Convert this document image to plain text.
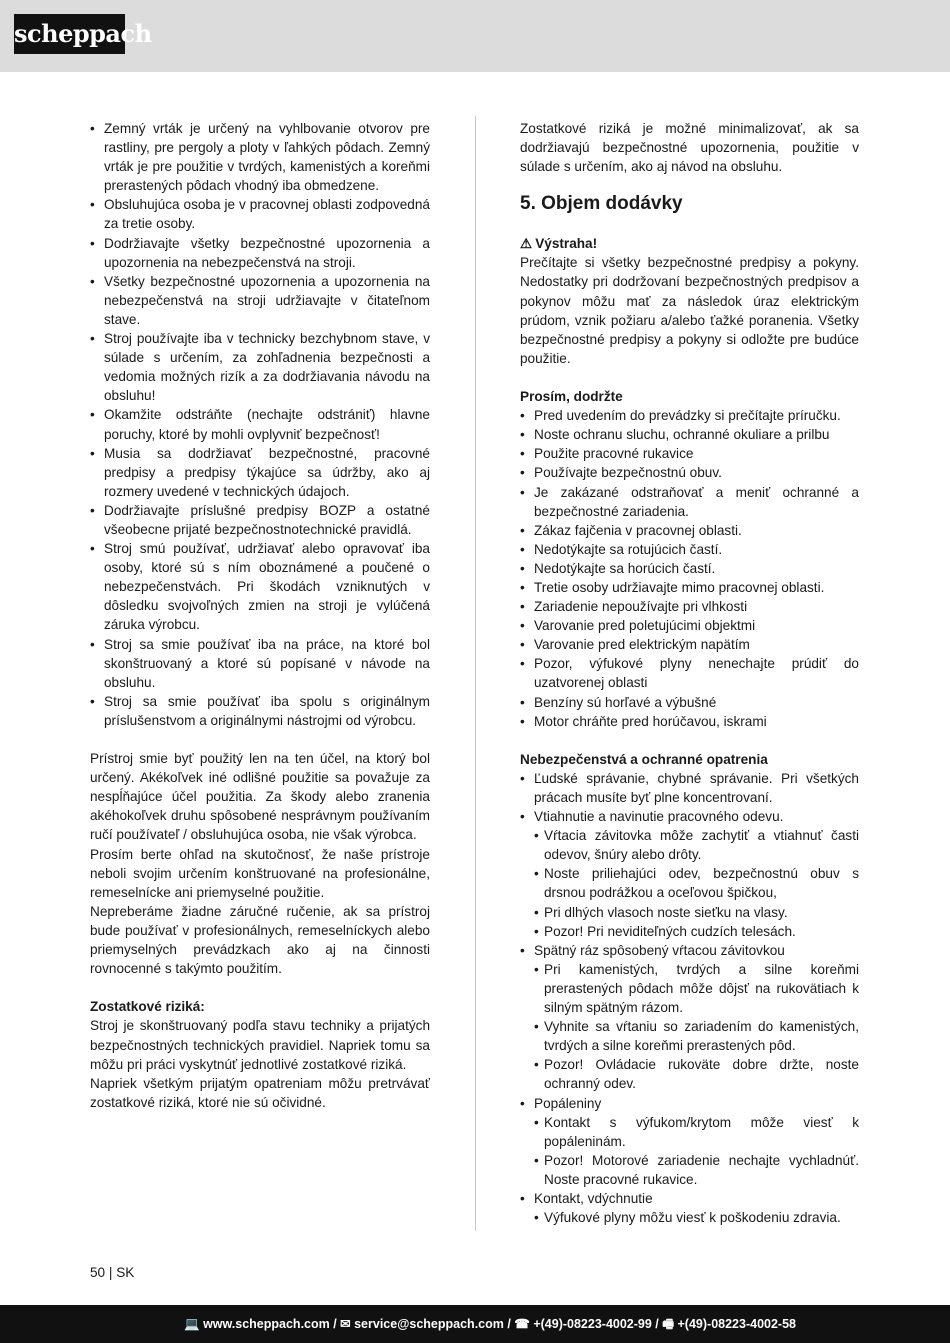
scheppach
• Zemný vrták je určený na vyhlbovanie otvorov pre rastliny, pre pergoly a ploty v ľahkých pôdach. Zemný vrták je pre použitie v tvrdých, kamenistých a koreňmi prerastených pôdach vhodný iba obmedzene.
• Obsluhujúca osoba je v pracovnej oblasti zodpovedná za tretie osoby.
• Dodržiavajte všetky bezpečnostné upozornenia a upozornenia na nebezpečenstvá na stroji.
• Všetky bezpečnostné upozornenia a upozornenia na nebezpečenstvá na stroji udržiavajte v čitateľnom stave.
• Stroj používajte iba v technicky bezchybnom stave, v súlade s určením, za zohľadnenia bezpečnosti a vedomia možných rizík a za dodržiavania návodu na obsluhu!
• Okamžite odstráňte (nechajte odstrániť) hlavne poruchy, ktoré by mohli ovplyvniť bezpečnosť!
• Musia sa dodržiavať bezpečnostné, pracovné predpisy a predpisy týkajúce sa údržby, ako aj rozmery uvedené v technických údajoch.
• Dodržiavajte príslušné predpisy BOZP a ostatné všeobecne prijaté bezpečnostnotechnické pravidlá.
• Stroj smú používať, udržiavať alebo opravovať iba osoby, ktoré sú s ním oboznámené a poučené o nebezpečenstvách. Pri škodách vzniknutých v dôsledku svojvoľných zmien na stroji je vylúčená záruka výrobcu.
• Stroj sa smie používať iba na práce, na ktoré bol skonštruovaný a ktoré sú popísané v návode na obsluhu.
• Stroj sa smie používať iba spolu s originálnym príslušenstvom a originálnymi nástrojmi od výrobcu.

Prístroj smie byť použitý len na ten účel, na ktorý bol určený. Akékoľvek iné odlišné použitie sa považuje za nespĺňajúce účel použitia. Za škody alebo zranenia akéhokoľvek druhu spôsobené nesprávnym používaním ručí používateľ / obsluhujúca osoba, nie však výrobca.

Prosím berte ohľad na skutočnosť, že naše prístroje neboli svojim určením konštruované na profesionálne, remeselnícke ani priemyselné použitie.

Nepreberáme žiadne záručné ručenie, ak sa prístroj bude používať v profesionálnych, remeselníckych alebo priemyselných prevádzkach ako aj na činnosti rovnocenné s takýmto použitím.

Zostatkové riziká:

Stroj je skonštruovaný podľa stavu techniky a prijatých bezpečnostných technických pravidiel. Napriek tomu sa môžu pri práci vyskytnúť jednotlivé zostatkové riziká.

Napriek všetkým prijatým opatreniam môžu pretrvávať zostatkové riziká, ktoré nie sú očividné.

Zostatkové riziká je možné minimalizovať, ak sa dodržiavajú bezpečnostné upozornenia, použitie v súlade s určením, ako aj návod na obsluhu.

5. Objem dodávky

⚠ Výstraha!

Prečítajte si všetky bezpečnostné predpisy a pokyny. Nedostatky pri dodržovaní bezpečnostných predpisov a pokynov môžu mať za následok úraz elektrickým prúdom, vznik požiaru a/alebo ťažké poranenia. Všetky bezpečnostné predpisy a pokyny si odložte pre budúce použitie.

Prosím, dodržte

• Pred uvedením do prevádzky si prečítajte príručku.
• Noste ochranu sluchu, ochranné okuliare a prilbu
• Použite pracovné rukavice
• Používajte bezpečnostnú obuv.
• Je zakázané odstraňovať a meniť ochranné a bezpečnostné zariadenia.
• Zákaz fajčenia v pracovnej oblasti.
• Nedotýkajte sa rotujúcich častí.
• Nedotýkajte sa horúcich častí.
• Tretie osoby udržiavajte mimo pracovnej oblasti.
• Zariadenie nepoužívajte pri vlhkosti
• Varovanie pred poletujúcimi objektmi
• Varovanie pred elektrickým napätím
• Pozor, výfukové plyny nenechajte prúdiť do uzatvorenej oblasti
• Benzíny sú horľavé a výbušné
• Motor chráňte pred horúčavou, iskrami

Nebezpečenstvá a ochranné opatrenia

• Ľudské správanie, chybné správanie. Pri všetkých prácach musíte byť plne koncentrovaní.
• Vtiahnutie a navinutie pracovného odevu.
• Vŕtacia závitovka môže zachytiť a vtiahnuť časti odevov, šnúry alebo drôty.
• Noste priliehajúci odev, bezpečnostnú obuv s drsnou podrážkou a oceľovou špičkou,
• Pri dlhých vlasoch noste sieťku na vlasy.
• Pozor! Pri neviditeľných cudzích telesách.
• Spätný ráz spôsobený vŕtacou závitovkou
• Pri kamenistých, tvrdých a silne koreňmi prerastených pôdach môže dôjsť na rukovätiach k silným spätným rázom.
• Vyhnite sa vŕtaniu so zariadením do kamenistých, tvrdých a silne koreňmi prerastených pôd.
• Pozor! Ovládacie rukoväte dobre držte, noste ochranný odev.
• Popáleniny
• Kontakt s výfukom/krytom môže viesť k popáleninám.
• Pozor! Motorové zariadenie nechajte vychladnúť. Noste pracovné rukavice.
• Kontakt, vdýchnutie
• Výfukové plyny môžu viesť k poškodeniu zdravia.
50 | SK
💻 www.scheppach.com / ✉ service@scheppach.com / ☎ +(49)-08223-4002-99 / 🖷 +(49)-08223-4002-58
